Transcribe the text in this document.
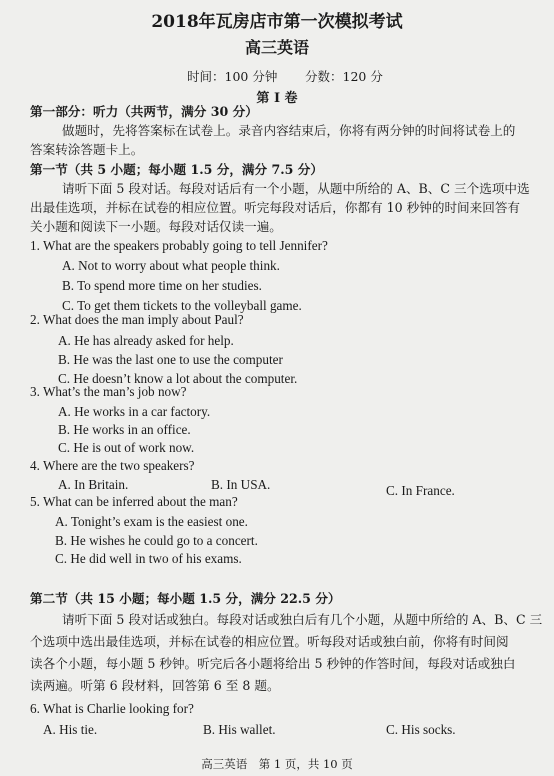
2018年瓦房店市第一次模拟考试
高三英语
时间：100 分钟 分数：120 分
第 I 卷
第一部分：听力（共两节，满分 30 分）
做题时，先将答案标在试卷上。录音内容结束后，你将有两分钟的时间将试卷上的
答案转涂答题卡上。
第一节（共 5 小题；每小题 1.5 分，满分 7.5 分）
请听下面 5 段对话。每段对话后有一个小题，从题中所给的 A、B、C 三个选项中选
出最佳选项，并标在试卷的相应位置。听完每段对话后，你都有 10 秒钟的时间来回答有
关小题和阅读下一小题。每段对话仅读一遍。
1. What are the speakers probably going to tell Jennifer?
A. Not to worry about what people think.
B. To spend more time on her studies.
C. To get them tickets to the volleyball game.
2. What does the man imply about Paul?
A. He has already asked for help.
B. He was the last one to use the computer
C. He doesn’t know a lot about the computer.
3. What’s the man’s job now?
A. He works in a car factory.
B. He works in an office.
C. He is out of work now.
4. Where are the two speakers?
A. In Britain.	B. In USA.	C. In France.
5. What can be inferred about the man?
A. Tonight’s exam is the easiest one.
B. He wishes he could go to a concert.
C. He did well in two of his exams.
第二节（共 15 小题；每小题 1.5 分，满分 22.5 分）
请听下面 5 段对话或独白。每段对话或独白后有几个小题，从题中所给的 A、B、C 三
个选项中选出最佳选项，并标在试卷的相应位置。听每段对话或独白前，你将有时间阅
读各个小题，每小题 5 秒钟。听完后各小题将给出 5 秒钟的作答时间，每段对话或独白
读两遍。听第 6 段材料，回答第 6 至 8 题。
6. What is Charlie looking for?
A. His tie.	B. His wallet.	C. His socks.
高三英语　第 1 页，共 10 页
